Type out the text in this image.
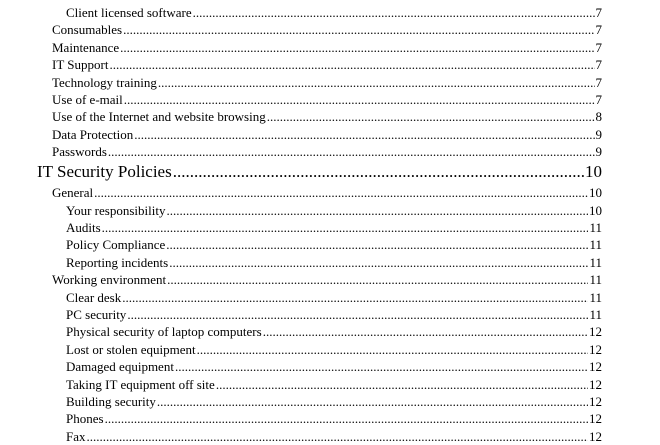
Client licensed software .....	7
Consumables .....	7
Maintenance .....	7
IT Support .....	7
Technology training .....	7
Use of e-mail .....	7
Use of the Internet and website browsing .....	8
Data Protection .....	9
Passwords .....	9
IT Security Policies .....	10
General .....	10
Your responsibility .....	10
Audits .....	11
Policy Compliance .....	11
Reporting incidents .....	11
Working environment .....	11
Clear desk .....	11
PC security .....	11
Physical security of laptop computers .....	12
Lost or stolen equipment .....	12
Damaged equipment .....	12
Taking IT equipment off site .....	12
Building security .....	12
Phones .....	12
Fax .....	12
